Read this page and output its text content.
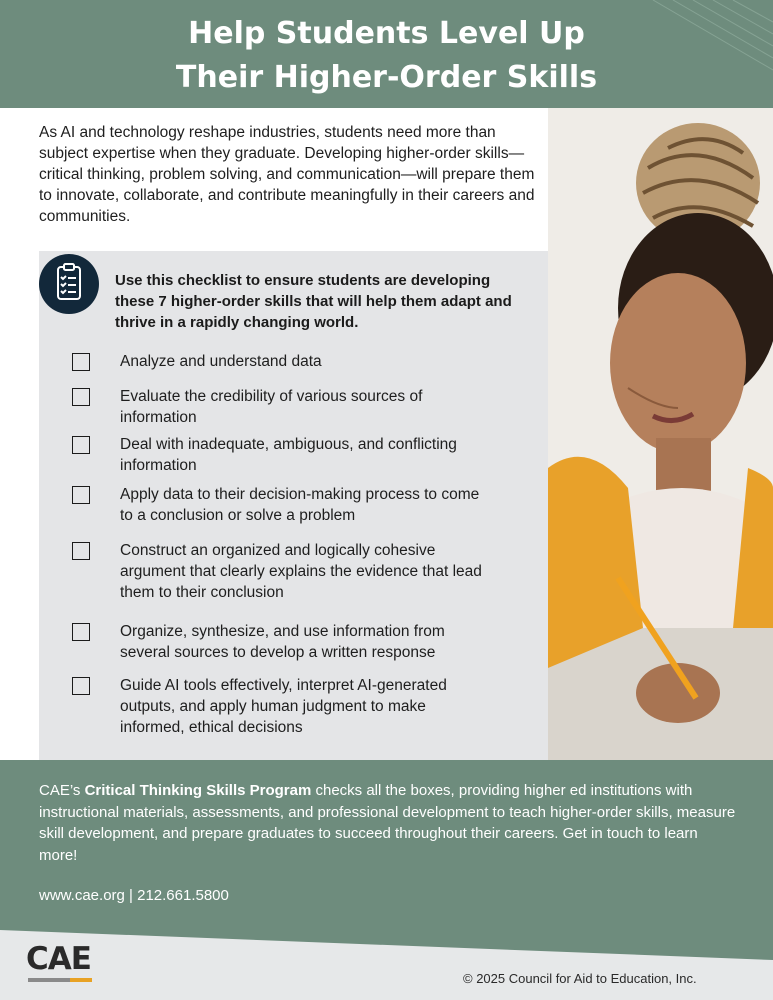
Help Students Level Up
Their Higher-Order Skills
As AI and technology reshape industries, students need more than subject expertise when they graduate. Developing higher-order skills—critical thinking, problem solving, and communication—will prepare them to innovate, collaborate, and contribute meaningfully in their careers and communities.
Use this checklist to ensure students are developing these 7 higher-order skills that will help them adapt and thrive in a rapidly changing world.
Analyze and understand data
Evaluate the credibility of various sources of information
Deal with inadequate, ambiguous, and conflicting information
Apply data to their decision-making process to come to a conclusion or solve a problem
Construct an organized and logically cohesive argument that clearly explains the evidence that lead them to their conclusion
Organize, synthesize, and use information from several sources to develop a written response
Guide AI tools effectively, interpret AI-generated outputs, and apply human judgment to make informed, ethical decisions
CAE’s Critical Thinking Skills Program checks all the boxes, providing higher ed institutions with instructional materials, assessments, and professional development to teach higher-order skills, measure skill development, and prepare graduates to succeed throughout their careers. Get in touch to learn more!
www.cae.org | 212.661.5800
CAE
© 2025 Council for Aid to Education, Inc.
